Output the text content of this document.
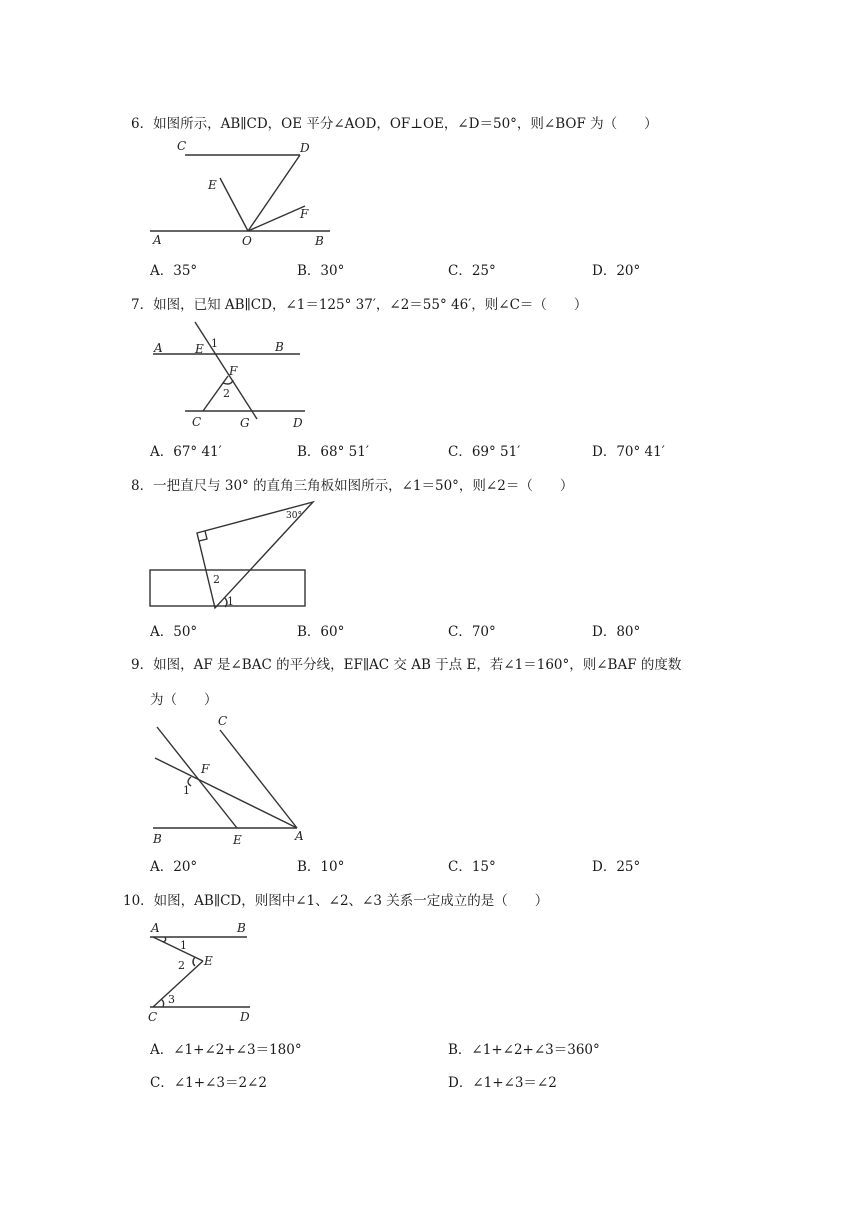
6．如图所示，AB∥CD，OE 平分∠AOD，OF⊥OE，∠D＝50°，则∠BOF 为（　　）
C	D
E
F
A	O	B
A．35°	B．30°	C．25°	D．20°
7．如图，已知 AB∥CD，∠1＝125° 37′，∠2＝55° 46′，则∠C＝（　　）
A	E 1	B
F
2
C	G	D
A．67° 41′	B．68° 51′	C．69° 51′	D．70° 41′
8．一把直尺与 30° 的直角三角板如图所示，∠1＝50°，则∠2＝（　　）
30°
2
1
A．50°	B．60°	C．70°	D．80°
9．如图，AF 是∠BAC 的平分线，EF∥AC 交 AB 于点 E，若∠1＝160°，则∠BAF 的度数
为（　　）
C
F
1
B	E	A
A．20°	B．10°	C．15°	D．25°
10．如图，AB∥CD，则图中∠1、∠2、∠3 关系一定成立的是（　　）
A	B
1
2 E
3
C	D
A．∠1+∠2+∠3＝180°	B．∠1+∠2+∠3＝360°
C．∠1+∠3＝2∠2	D．∠1+∠3＝∠2
